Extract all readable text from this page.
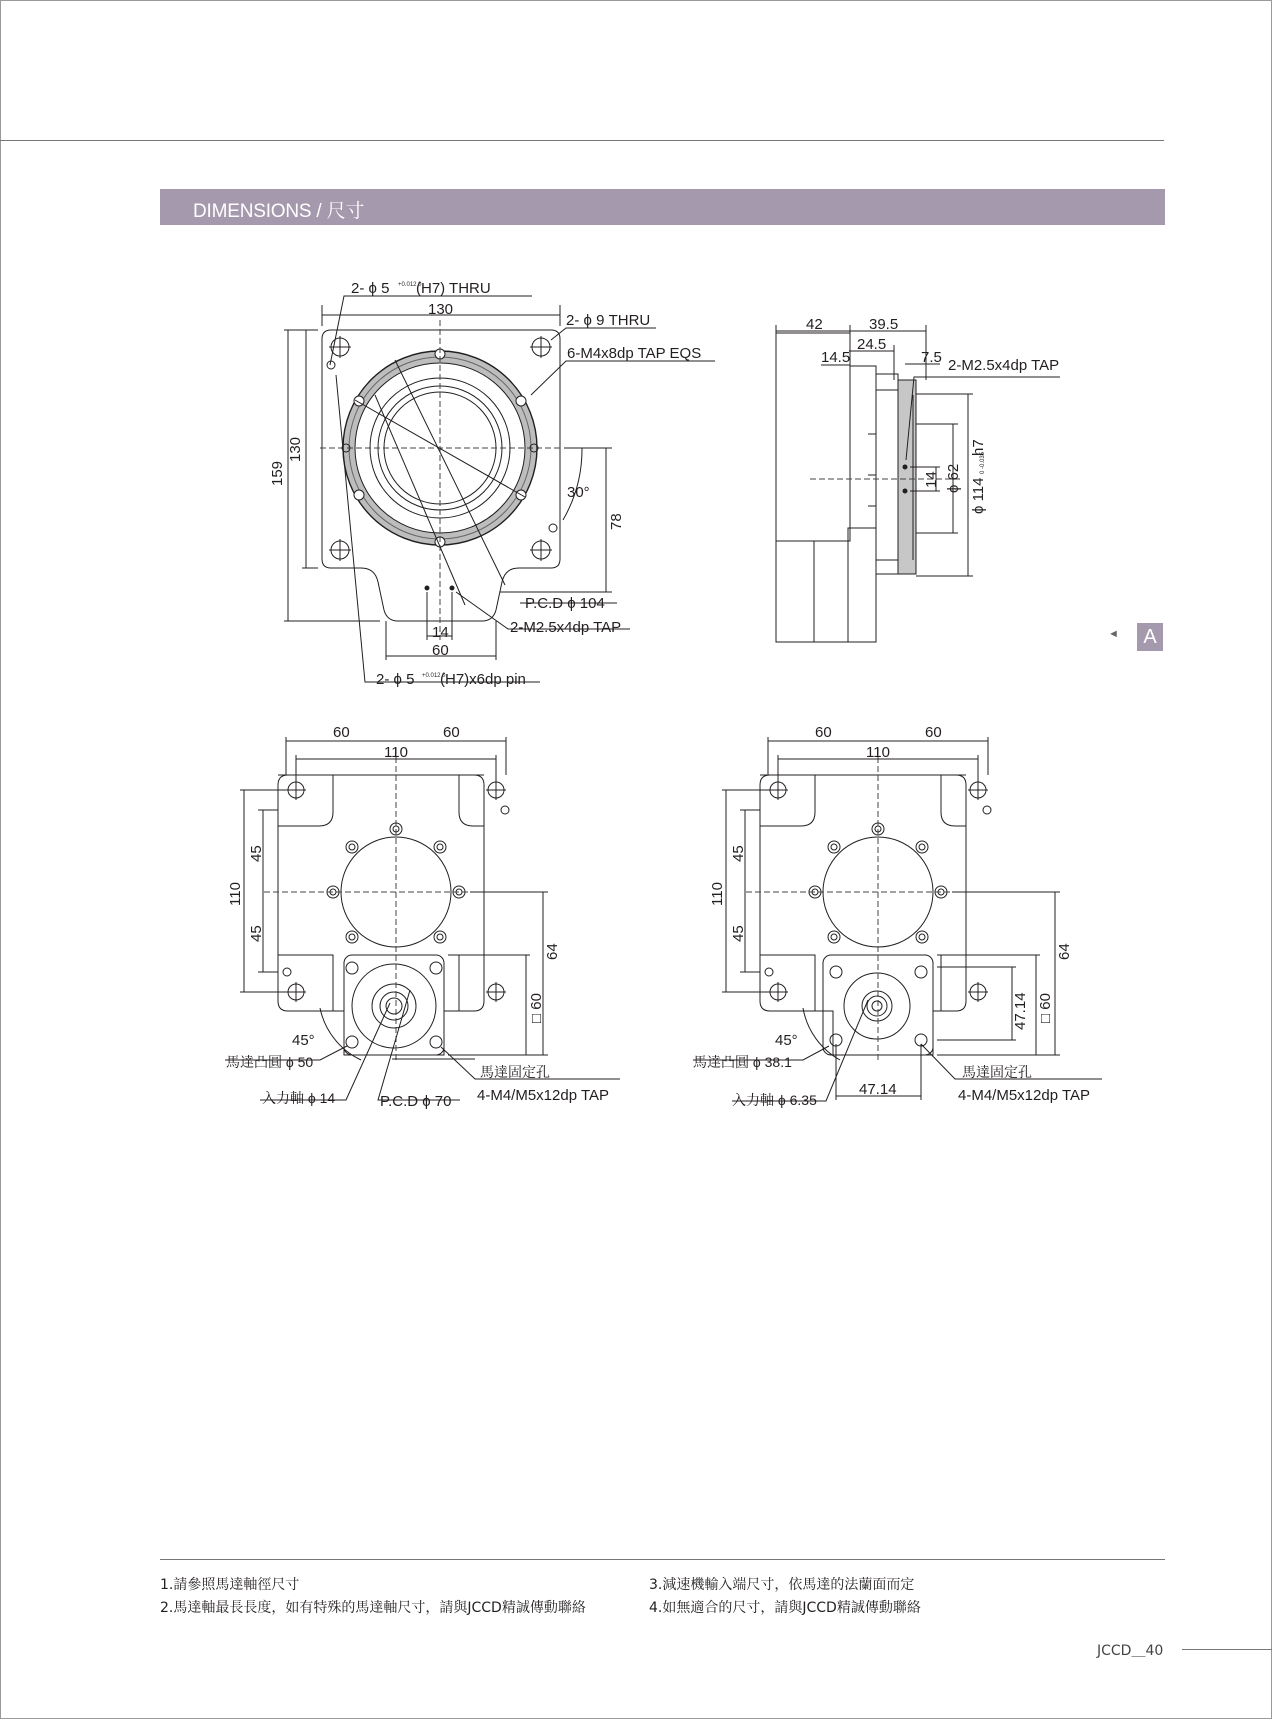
DIMENSIONS / 尺寸
2- ϕ 5 +0.012 0
(H7) THRU
130
2- ϕ 9 THRU
6-M4x8dp TAP EQS
159
130
30°
78
P.C.D ϕ 104
2-M2.5x4dp TAP
14
60
2- ϕ 5 +0.012 0
(H7)x6dp pin
42	39.5
24.5
14.5	7.5 2-M2.5x4dp TAP
14 ϕ 62 ϕ 114
0 -0.035
h7
60	60
110
45
45
110
64
□ 60
45°
馬達凸圓 ϕ 50
馬達固定孔
4-M4/M5x12dp TAP
入力軸 ϕ 14	P.C.D ϕ 70
60	60
110
45
45
110
64
□ 60
47.14
45°
馬達凸圓 ϕ 38.1
馬達固定孔
4-M4/M5x12dp TAP
入力軸 ϕ 6.35
47.14
◄	A
1.請參照馬達軸徑尺寸
2.馬達軸最長長度，如有特殊的馬達軸尺寸，請與JCCD精誠傳動聯絡
3.減速機輸入端尺寸，依馬達的法蘭面而定
4.如無適合的尺寸，請與JCCD精誠傳動聯絡
JCCD＿40
